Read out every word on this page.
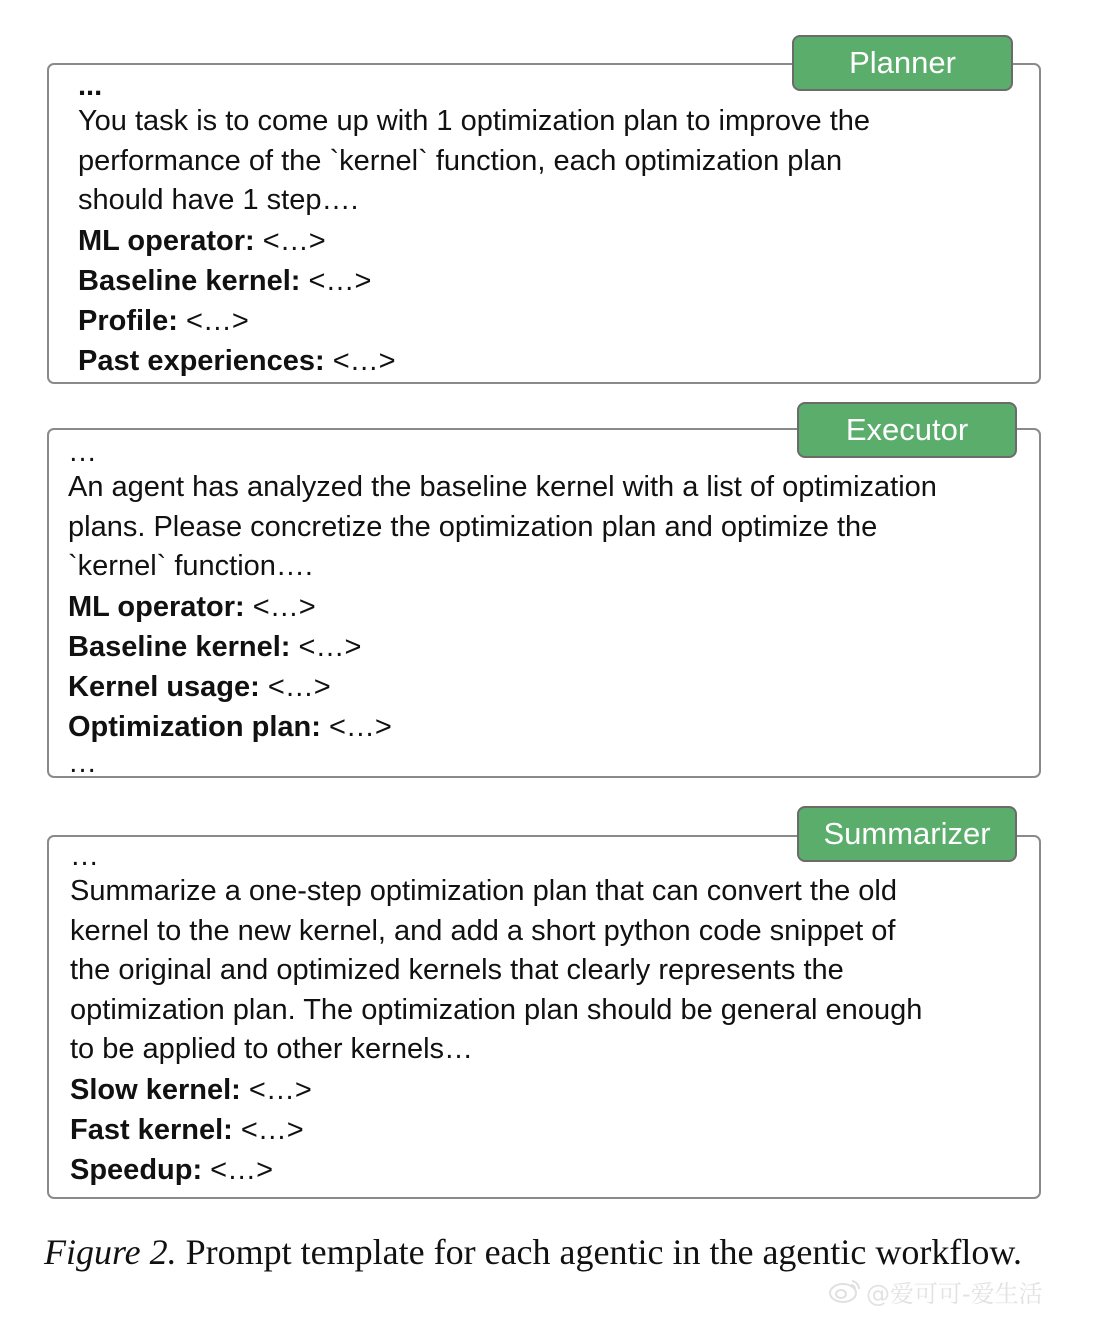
Planner
...
You task is to come up with 1 optimization plan to improve the
performance of the `kernel` function, each optimization plan
should have 1 step….
ML operator: <…>
Baseline kernel: <…>
Profile: <…>
Past experiences: <…>
Executor
…
An agent has analyzed the baseline kernel with a list of optimization
plans. Please concretize the optimization plan and optimize the
`kernel` function….
ML operator: <…>
Baseline kernel: <…>
Kernel usage: <…>
Optimization plan: <…>
…
Summarizer
…
Summarize a one-step optimization plan that can convert the old
kernel to the new kernel, and add a short python code snippet of
the original and optimized kernels that clearly represents the
optimization plan. The optimization plan should be general enough
to be applied to other kernels…
Slow kernel: <…>
Fast kernel: <…>
Speedup: <…>
Figure 2. Prompt template for each agentic in the agentic workflow.
@爱可可-爱生活
